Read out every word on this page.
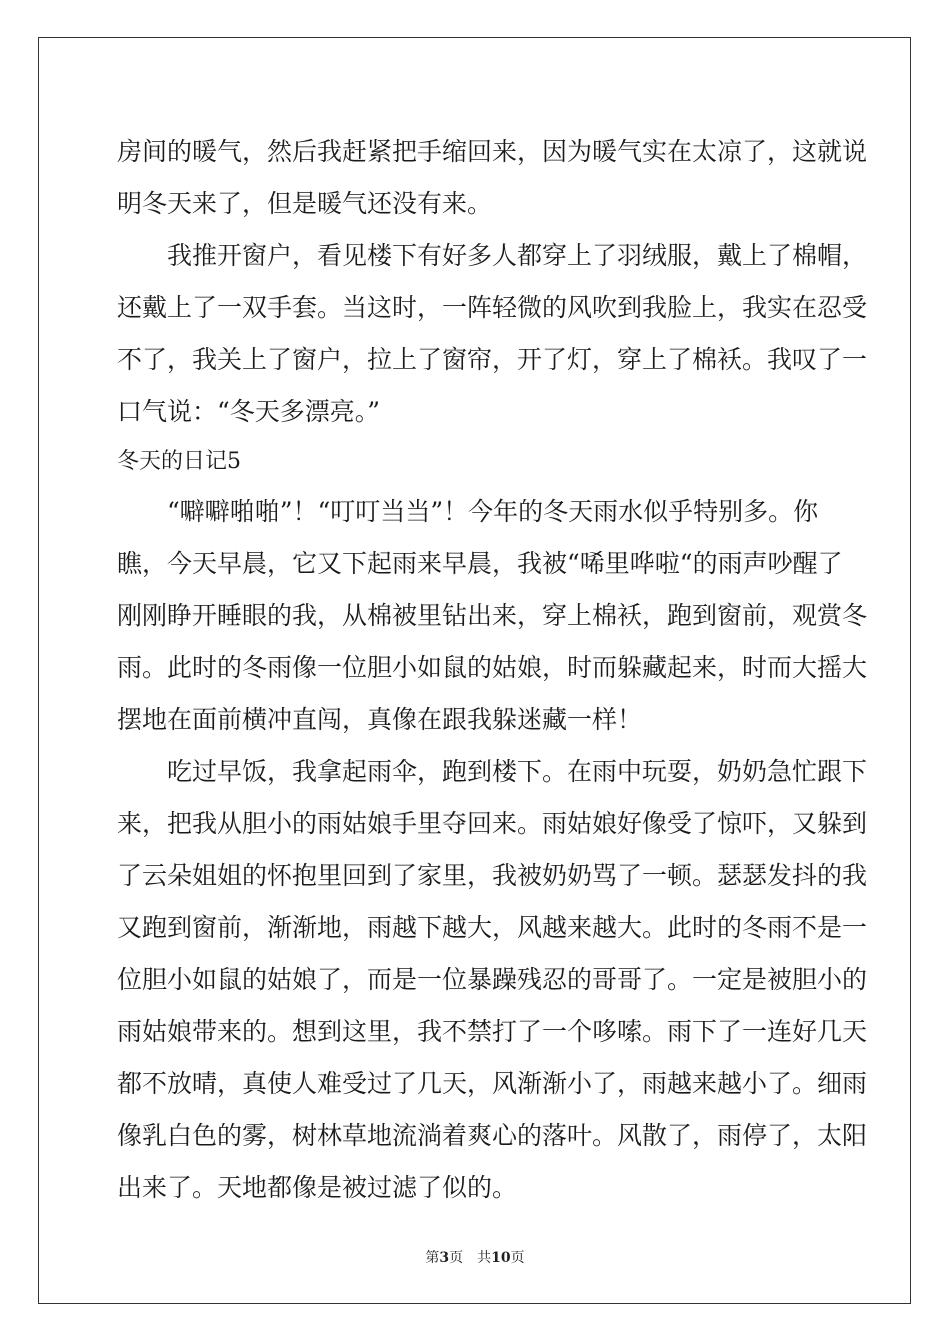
房间的暖气，然后我赶紧把手缩回来，因为暖气实在太凉了，这就说
明冬天来了，但是暖气还没有来。
　　我推开窗户，看见楼下有好多人都穿上了羽绒服，戴上了棉帽，
还戴上了一双手套。当这时，一阵轻微的风吹到我脸上，我实在忍受
不了，我关上了窗户，拉上了窗帘，开了灯，穿上了棉袄。我叹了一
口气说：“冬天多漂亮。”
冬天的日记5
　　“噼噼啪啪”！“叮叮当当”！今年的冬天雨水似乎特别多。你
瞧，今天早晨，它又下起雨来早晨，我被“唏里哗啦“的雨声吵醒了
刚刚睁开睡眼的我，从棉被里钻出来，穿上棉袄，跑到窗前，观赏冬
雨。此时的冬雨像一位胆小如鼠的姑娘，时而躲藏起来，时而大摇大
摆地在面前横冲直闯，真像在跟我躲迷藏一样！
　　吃过早饭，我拿起雨伞，跑到楼下。在雨中玩耍，奶奶急忙跟下
来，把我从胆小的雨姑娘手里夺回来。雨姑娘好像受了惊吓，又躲到
了云朵姐姐的怀抱里回到了家里，我被奶奶骂了一顿。瑟瑟发抖的我
又跑到窗前，渐渐地，雨越下越大，风越来越大。此时的冬雨不是一
位胆小如鼠的姑娘了，而是一位暴躁残忍的哥哥了。一定是被胆小的
雨姑娘带来的。想到这里，我不禁打了一个哆嗦。雨下了一连好几天
都不放晴，真使人难受过了几天，风渐渐小了，雨越来越小了。细雨
像乳白色的雾，树林草地流淌着爽心的落叶。风散了，雨停了，太阳
出来了。天地都像是被过滤了似的。
第3页　共10页
